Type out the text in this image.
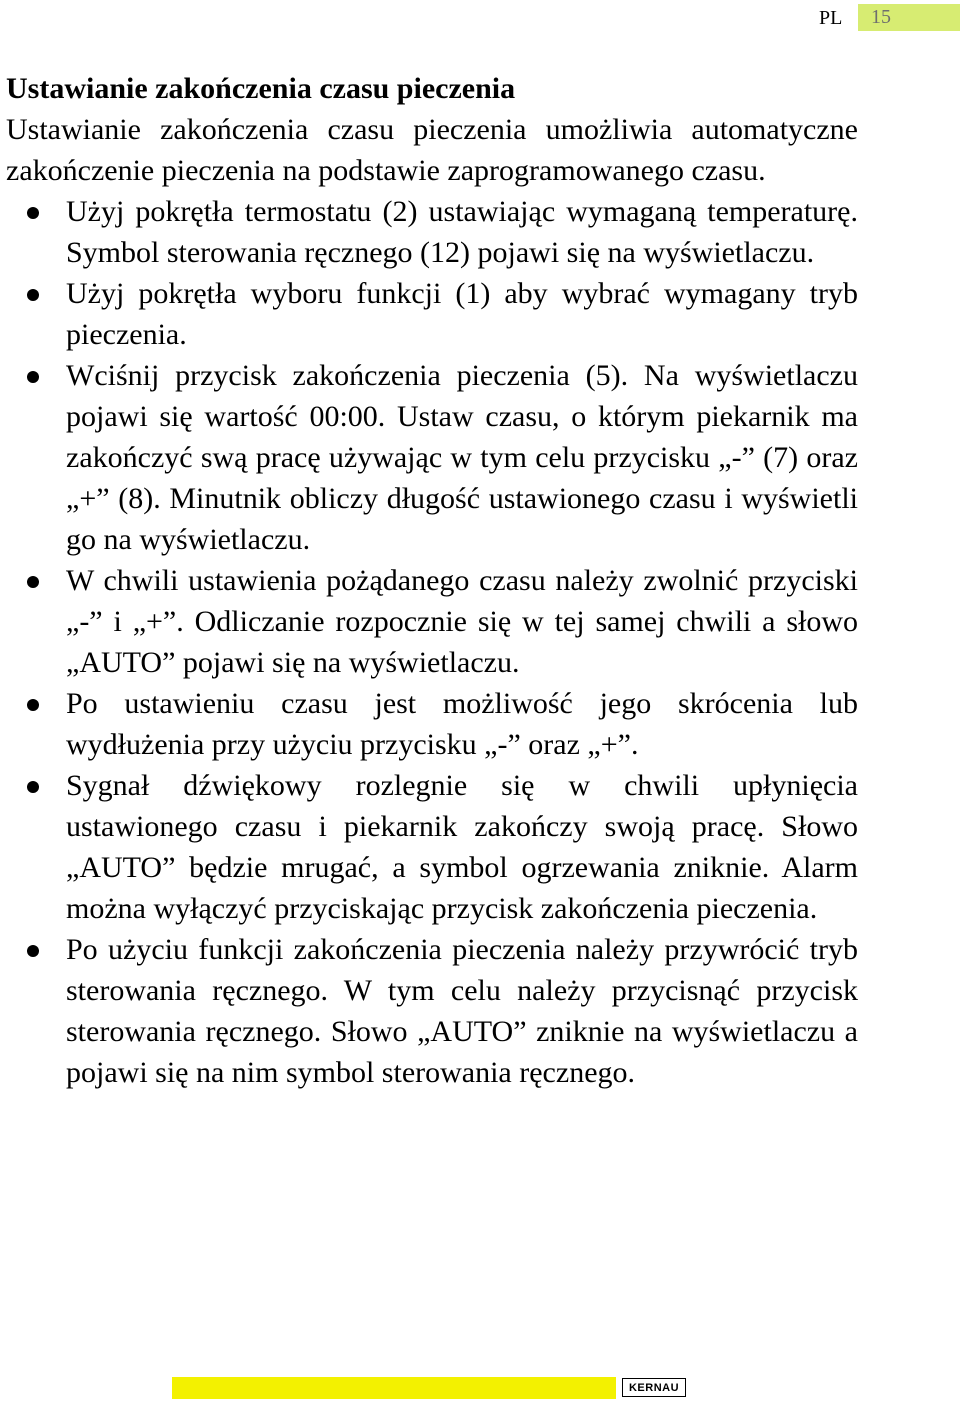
PL 15
Ustawianie zakończenia czasu pieczenia

Ustawianie zakończenia czasu pieczenia umożliwia automatyczne zakończenie pieczenia na podstawie zaprogramowanego czasu.

Użyj pokrętła termostatu (2) ustawiając wymaganą temperaturę. Symbol sterowania ręcznego (12) pojawi się na wyświetlaczu.
Użyj pokrętła wyboru funkcji (1) aby wybrać wymagany tryb pieczenia.
Wciśnij przycisk zakończenia pieczenia (5). Na wyświetlaczu pojawi się wartość 00:00. Ustaw czasu, o którym piekarnik ma zakończyć swą pracę używając w tym celu przycisku „-” (7) oraz „+” (8). Minutnik obliczy długość ustawionego czasu i wyświetli go na wyświetlaczu.
W chwili ustawienia pożądanego czasu należy zwolnić przyciski „-” i „+”. Odliczanie rozpocznie się w tej samej chwili a słowo „AUTO” pojawi się na wyświetlaczu.
Po ustawieniu czasu jest możliwość jego skrócenia lub wydłużenia przy użyciu przycisku „-” oraz „+”.
Sygnał dźwiękowy rozlegnie się w chwili upłynięcia ustawionego czasu i piekarnik zakończy swoją pracę. Słowo „AUTO” będzie mrugać, a symbol ogrzewania zniknie. Alarm można wyłączyć przyciskając przycisk zakończenia pieczenia.
Po użyciu funkcji zakończenia pieczenia należy przywrócić tryb sterowania ręcznego. W tym celu należy przycisnąć przycisk sterowania ręcznego. Słowo „AUTO” zniknie na wyświetlaczu a pojawi się na nim symbol sterowania ręcznego.
KERNAU
